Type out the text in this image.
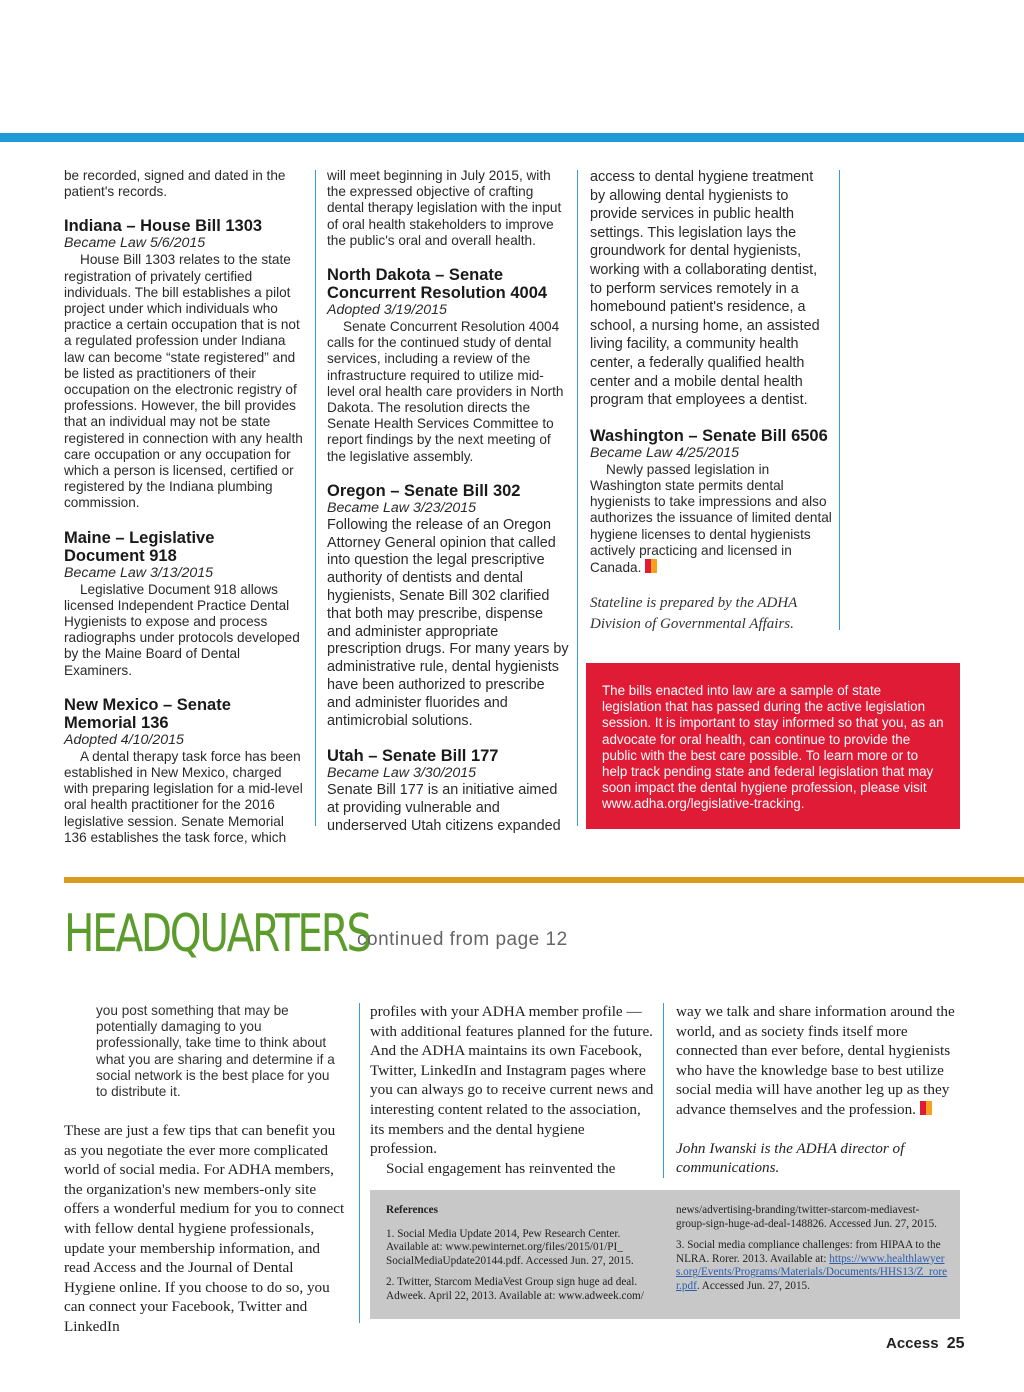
be recorded, signed and dated in the patient's records.

Indiana – House Bill 1303

Became Law 5/6/2015

House Bill 1303 relates to the state registration of privately certified individuals. The bill establishes a pilot project under which individuals who practice a certain occupation that is not a regulated profession under Indiana law can become “state registered” and be listed as practitioners of their occupation on the electronic registry of professions. However, the bill provides that an individual may not be state registered in connection with any health care occupation or any occupation for which a person is licensed, certified or registered by the Indiana plumbing commission.

Maine – Legislative Document 918

Became Law 3/13/2015

Legislative Document 918 allows licensed Independent Practice Dental Hygienists to expose and process radiographs under protocols developed by the Maine Board of Dental Examiners.

New Mexico – Senate Memorial 136

Adopted 4/10/2015

A dental therapy task force has been established in New Mexico, charged with preparing legislation for a mid-level oral health practitioner for the 2016 legislative session. Senate Memorial 136 establishes the task force, which

will meet beginning in July 2015, with the expressed objective of crafting dental therapy legislation with the input of oral health stakeholders to improve the public's oral and overall health.

North Dakota – Senate Concurrent Resolution 4004

Adopted 3/19/2015

Senate Concurrent Resolution 4004 calls for the continued study of dental services, including a review of the infrastructure required to utilize mid-level oral health care providers in North Dakota. The resolution directs the Senate Health Services Committee to report findings by the next meeting of the legislative assembly.

Oregon – Senate Bill 302

Became Law 3/23/2015

Following the release of an Oregon Attorney General opinion that called into question the legal prescriptive authority of dentists and dental hygienists, Senate Bill 302 clarified that both may prescribe, dispense and administer appropriate prescription drugs. For many years by administrative rule, dental hygienists have been authorized to prescribe and administer fluorides and antimicrobial solutions.

Utah – Senate Bill 177

Became Law 3/30/2015

Senate Bill 177 is an initiative aimed at providing vulnerable and underserved Utah citizens expanded

access to dental hygiene treatment by allowing dental hygienists to provide services in public health settings. This legislation lays the groundwork for dental hygienists, working with a collaborating dentist, to perform services remotely in a homebound patient's residence, a school, a nursing home, an assisted living facility, a community health center, a federally qualified health center and a mobile dental health program that employees a dentist.

Washington – Senate Bill 6506

Became Law 4/25/2015

Newly passed legislation in Washington state permits dental hygienists to take impressions and also authorizes the issuance of limited dental hygiene licenses to dental hygienists actively practicing and licensed in Canada.

Stateline is prepared by the ADHA Division of Governmental Affairs.

The bills enacted into law are a sample of state legislation that has passed during the active legislation session. It is important to stay informed so that you, as an advocate for oral health, can continue to provide the public with the best care possible. To learn more or to help track pending state and federal legislation that may soon impact the dental hygiene profession, please visit www.adha.org/legislative-tracking.

HEADQUARTERS
continued from page 12
you post something that may be potentially damaging to you professionally, take time to think about what you are sharing and determine if a social network is the best place for you to distribute it.

These are just a few tips that can benefit you as you negotiate the ever more complicated world of social media. For ADHA members, the organization's new members-only site offers a wonderful medium for you to connect with fellow dental hygiene professionals, update your membership information, and read Access and the Journal of Dental Hygiene online. If you choose to do so, you can connect your Facebook, Twitter and LinkedIn

profiles with your ADHA member profile — with additional features planned for the future. And the ADHA maintains its own Facebook, Twitter, LinkedIn and Instagram pages where you can always go to receive current news and interesting content related to the association, its members and the dental hygiene profession.

Social engagement has reinvented the

way we talk and share information around the world, and as society finds itself more connected than ever before, dental hygienists who have the knowledge base to best utilize social media will have another leg up as they advance themselves and the profession.

John Iwanski is the ADHA director of communications.

References

1. Social Media Update 2014, Pew Research Center. Available at: www.pewinternet.org/files/2015/01/PI_ SocialMediaUpdate20144.pdf. Accessed Jun. 27, 2015.

2. Twitter, Starcom MediaVest Group sign huge ad deal. Adweek. April 22, 2013. Available at: www.adweek.com/

news/advertising-branding/twitter-starcom-mediavest-group-sign-huge-ad-deal-148826. Accessed Jun. 27, 2015.

3. Social media compliance challenges: from HIPAA to the NLRA. Rorer. 2013. Available at: https://www.healthlawyers.org/Events/Programs/Materials/Documents/HHS13/Z_rorer.pdf. Accessed Jun. 27, 2015.

Access 25
